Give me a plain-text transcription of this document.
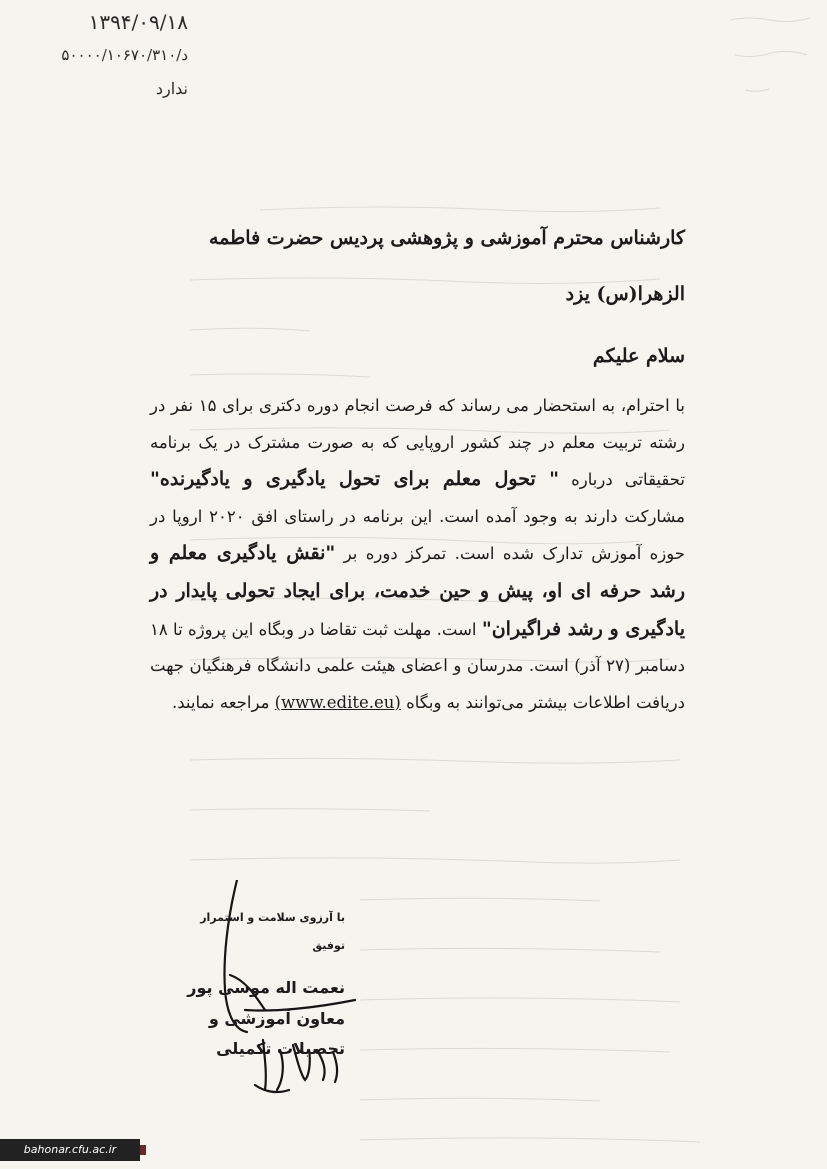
۱۳۹۴/۰۹/۱۸
د/۵۰۰۰۰/۱۰۶۷۰/۳۱۰
ندارد

کارشناس محترم آموزشی و پژوهشی پردیس حضرت فاطمه الزهرا(س) یزد

سلام علیکم

با احترام، به استحضار می رساند که فرصت انجام دوره دکتری برای ۱۵ نفر در رشته تربیت معلم در چند کشور اروپایی که به صورت مشترک در یک برنامه تحقیقاتی درباره " تحول معلم برای تحول یادگیری و یادگیرنده" مشارکت دارند به وجود آمده است. این برنامه در راستای افق ۲۰۲۰ اروپا در حوزه آموزش تدارک شده است. تمرکز دوره بر "نقش یادگیری معلم و رشد حرفه ای او، پیش و حین خدمت، برای ایجاد تحولی پایدار در یادگیری و رشد فراگیران" است. مهلت ثبت تقاضا در وبگاه این پروژه تا ۱۸ دسامبر (۲۷ آذر) است. مدرسان و اعضای هیئت علمی دانشگاه فرهنگیان جهت دریافت اطلاعات بیشتر می‌توانند به وبگاه (www.edite.eu) مراجعه نمایند.

با آرزوی سلامت و استمرار توفیق
نعمت اله موسی پور
معاون آموزشی و تحصیلات تکمیلی
bahonar.cfu.ac.ir
